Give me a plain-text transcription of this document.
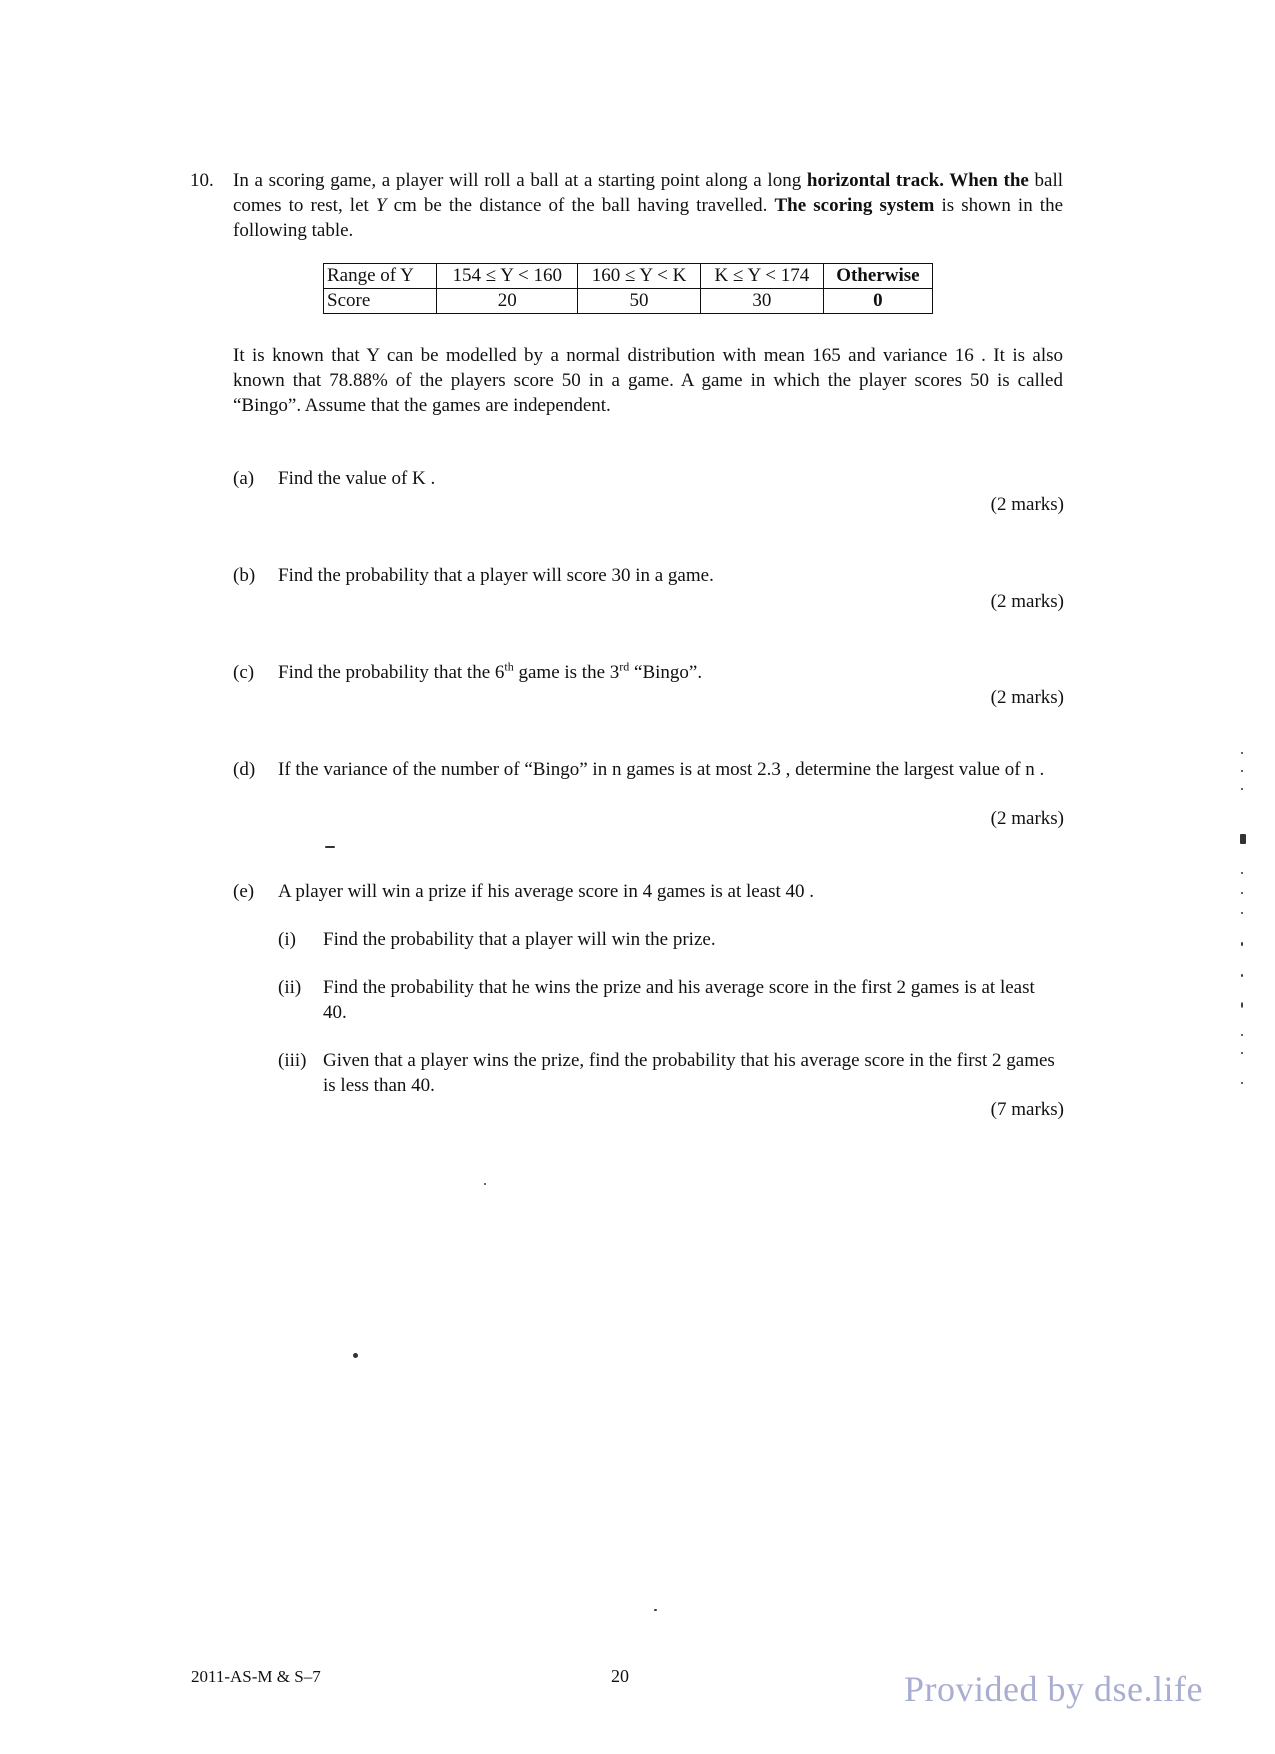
10. In a scoring game, a player will roll a ball at a starting point along a long horizontal track. When the ball comes to rest, let Y cm be the distance of the ball having travelled. The scoring system is shown in the following table.

Range of Y	154 ≤ Y < 160	160 ≤ Y < K	K ≤ Y < 174	Otherwise
Score	20	50	30	0

It is known that Y can be modelled by a normal distribution with mean 165 and variance 16 . It is also known that 78.88% of the players score 50 in a game. A game in which the player scores 50 is called “Bingo”. Assume that the games are independent.

(a) Find the value of K .
(2 marks)
(b) Find the probability that a player will score 30 in a game.
(2 marks)
(c) Find the probability that the 6th game is the 3rd “Bingo”.
(2 marks)
(d) If the variance of the number of “Bingo” in n games is at most 2.3 , determine the largest value of n .
(2 marks)
(e) A player will win a prize if his average score in 4 games is at least 40 .
(i) Find the probability that a player will win the prize.
(ii) Find the probability that he wins the prize and his average score in the first 2 games is at least 40.
(iii) Given that a player wins the prize, find the probability that his average score in the first 2 games is less than 40.
(7 marks)
2011-AS-M & S–7	20	Provided by dse.life
